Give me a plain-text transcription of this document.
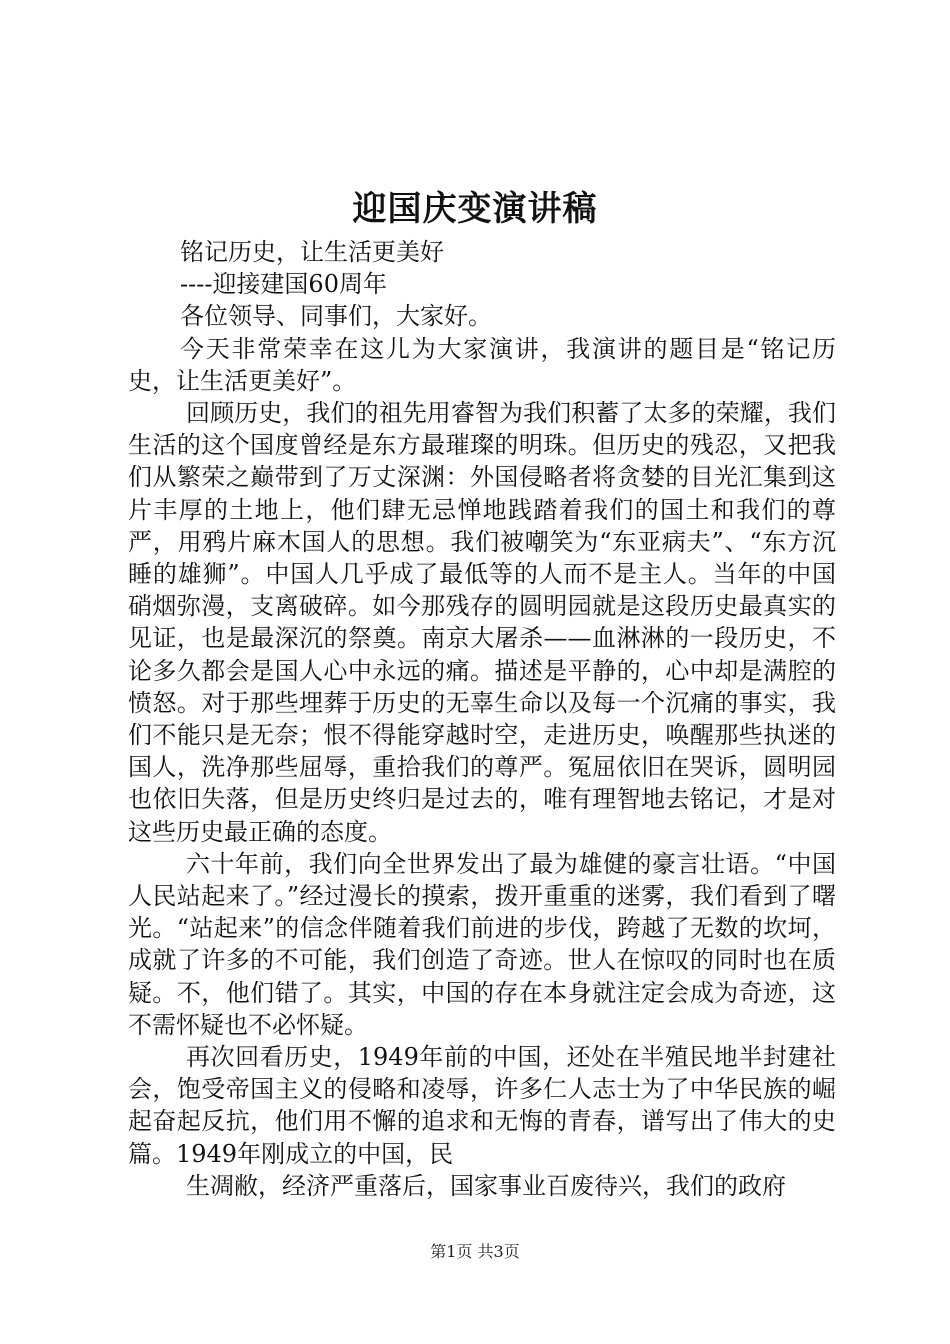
迎国庆变演讲稿

铭记历史，让生活更美好

----迎接建国60周年

各位领导、同事们，大家好。

今天非常荣幸在这儿为大家演讲，我演讲的题目是“铭记历史，让生活更美好”。

回顾历史，我们的祖先用睿智为我们积蓄了太多的荣耀，我们生活的这个国度曾经是东方最璀璨的明珠。但历史的残忍，又把我们从繁荣之巅带到了万丈深渊：外国侵略者将贪婪的目光汇集到这片丰厚的土地上，他们肆无忌惮地践踏着我们的国土和我们的尊严，用鸦片麻木国人的思想。我们被嘲笑为“东亚病夫”、“东方沉睡的雄狮”。中国人几乎成了最低等的人而不是主人。当年的中国硝烟弥漫，支离破碎。如今那残存的圆明园就是这段历史最真实的见证，也是最深沉的祭奠。南京大屠杀——血淋淋的一段历史，不论多久都会是国人心中永远的痛。描述是平静的，心中却是满腔的愤怒。对于那些埋葬于历史的无辜生命以及每一个沉痛的事实，我们不能只是无奈；恨不得能穿越时空，走进历史，唤醒那些执迷的国人，洗净那些屈辱，重拾我们的尊严。冤屈依旧在哭诉，圆明园也依旧失落，但是历史终归是过去的，唯有理智地去铭记，才是对这些历史最正确的态度。

六十年前，我们向全世界发出了最为雄健的豪言壮语。“中国人民站起来了。”经过漫长的摸索，拨开重重的迷雾，我们看到了曙光。“站起来”的信念伴随着我们前进的步伐，跨越了无数的坎坷，成就了许多的不可能，我们创造了奇迹。世人在惊叹的同时也在质疑。不，他们错了。其实，中国的存在本身就注定会成为奇迹，这不需怀疑也不必怀疑。

再次回看历史，1949年前的中国，还处在半殖民地半封建社会，饱受帝国主义的侵略和凌辱，许多仁人志士为了中华民族的崛起奋起反抗，他们用不懈的追求和无悔的青春，谱写出了伟大的史篇。1949年刚成立的中国，民

生凋敝，经济严重落后，国家事业百废待兴，我们的政府

第1页 共3页
